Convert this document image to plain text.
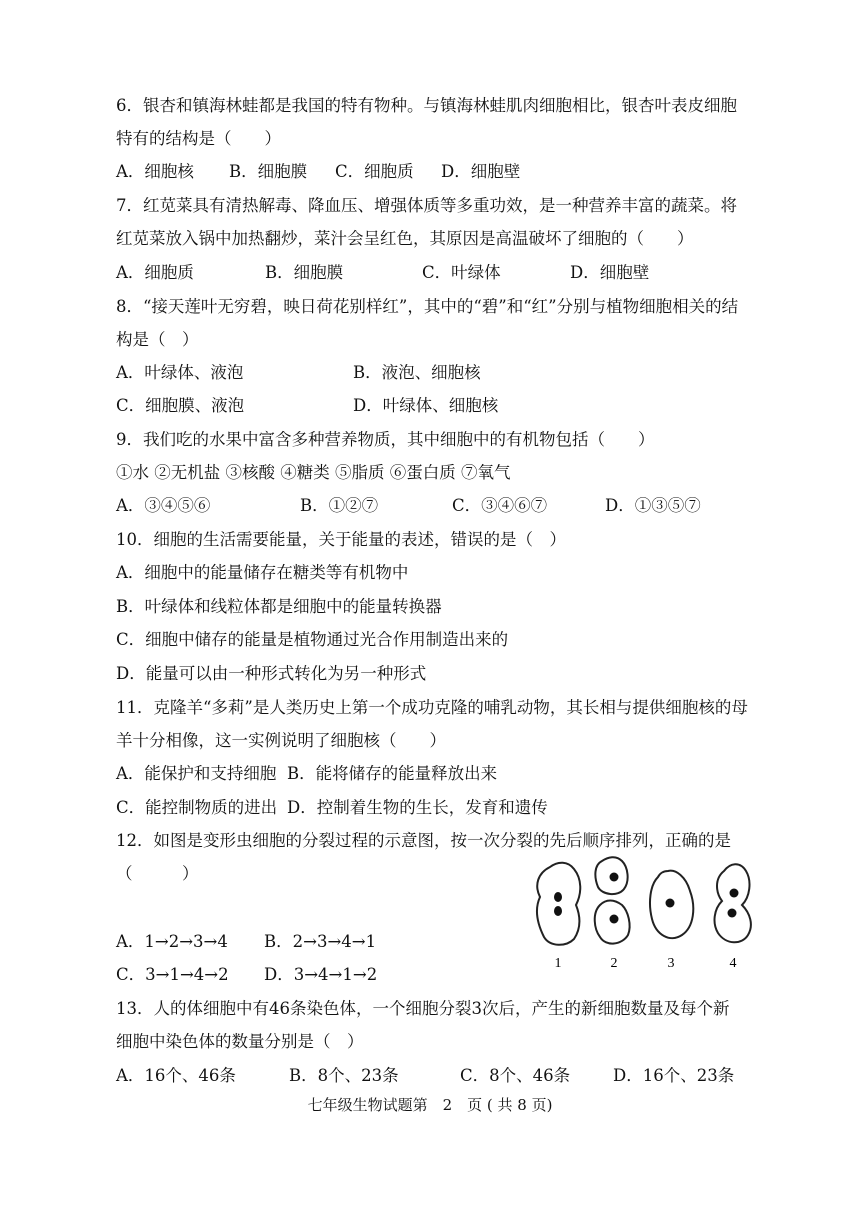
6．银杏和镇海林蛙都是我国的特有物种。与镇海林蛙肌肉细胞相比，银杏叶表皮细胞
特有的结构是（　　）
A．细胞核 B．细胞膜 C．细胞质 D．细胞壁
7．红苋菜具有清热解毒、降血压、增强体质等多重功效，是一种营养丰富的蔬菜。将
红苋菜放入锅中加热翻炒，菜汁会呈红色，其原因是高温破坏了细胞的（　　）
A．细胞质	B．细胞膜	C．叶绿体	D．细胞壁
8．“接天莲叶无穷碧，映日荷花别样红”，其中的“碧”和“红”分别与植物细胞相关的结
构是（　）
A．叶绿体、液泡	B．液泡、细胞核
C．细胞膜、液泡	D．叶绿体、细胞核
9．我们吃的水果中富含多种营养物质，其中细胞中的有机物包括（　　）
①水 ②无机盐 ③核酸 ④糖类 ⑤脂质 ⑥蛋白质 ⑦氧气
A．③④⑤⑥	B．①②⑦	C．③④⑥⑦	D．①③⑤⑦
10．细胞的生活需要能量，关于能量的表述，错误的是（　）
A．细胞中的能量储存在糖类等有机物中
B．叶绿体和线粒体都是细胞中的能量转换器
C．细胞中储存的能量是植物通过光合作用制造出来的
D．能量可以由一种形式转化为另一种形式
11．克隆羊“多莉”是人类历史上第一个成功克隆的哺乳动物，其长相与提供细胞核的母
羊十分相像，这一实例说明了细胞核（　　）
A．能保护和支持细胞 B．能将储存的能量释放出来
C．能控制物质的进出 D．控制着生物的生长，发育和遗传
12．如图是变形虫细胞的分裂过程的示意图，按一次分裂的先后顺序排列，正确的是
（　　　）
A．1→2→3→4 B．2→3→4→1
C．3→1→4→2 D．3→4→1→2
1	2	3	4
13．人的体细胞中有46条染色体，一个细胞分裂3次后，产生的新细胞数量及每个新
细胞中染色体的数量分别是（　）
A．16个、46条	B．8个、23条	C．8个、46条	D．16个、23条
七年级生物试题第　2　页 ( 共 8 页)
